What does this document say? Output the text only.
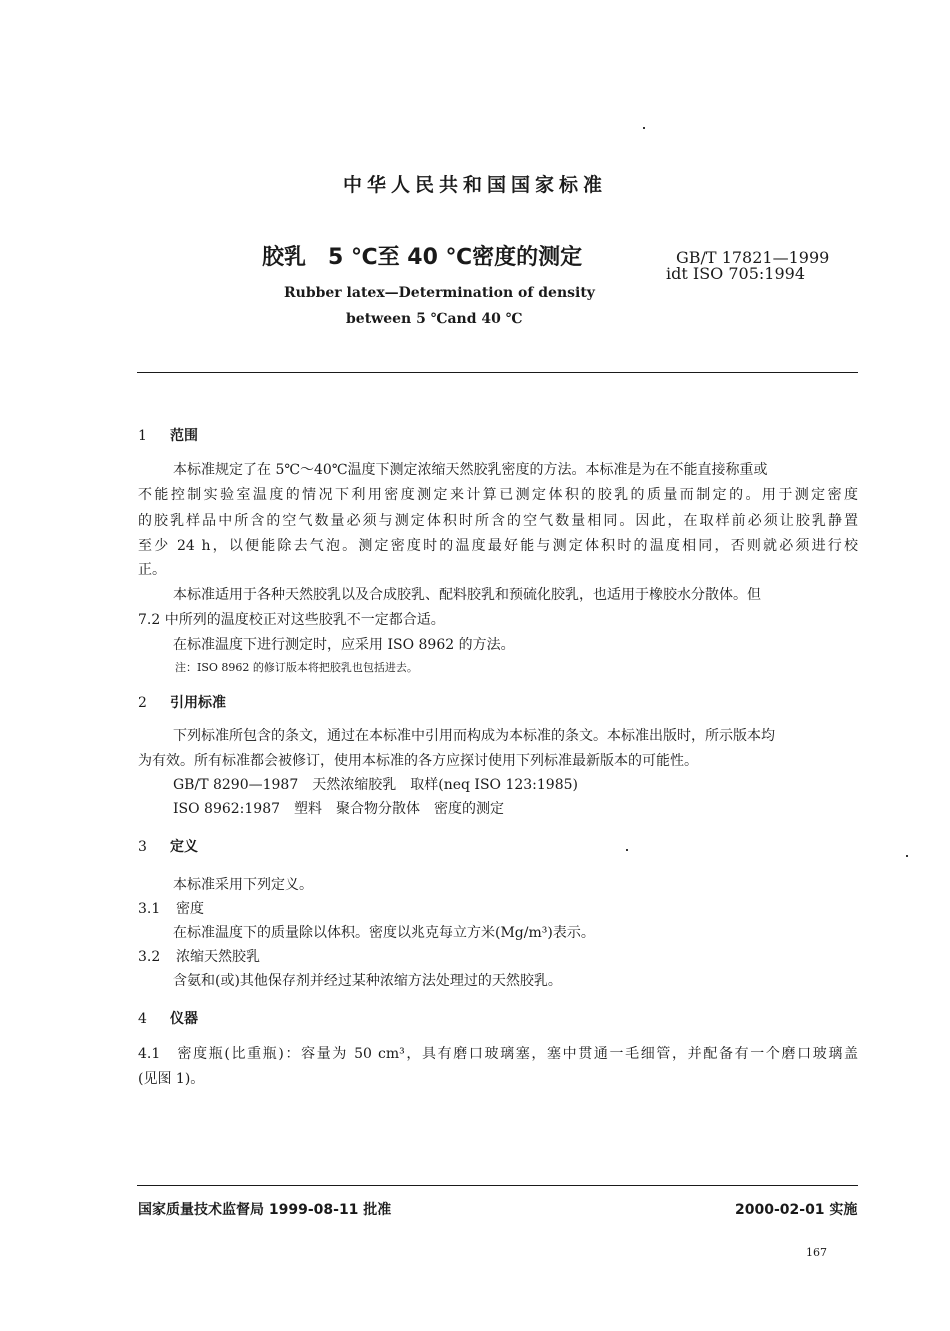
中华人民共和国国家标准
胶乳　5 ℃至 40 ℃密度的测定	GB/T 17821—1999
idt ISO 705:1994
Rubber latex—Determination of density
between 5 ℃and 40 ℃
1 范围
本标准规定了在 5℃～40℃温度下测定浓缩天然胶乳密度的方法。本标准是为在不能直接称重或
不能控制实验室温度的情况下利用密度测定来计算已测定体积的胶乳的质量而制定的。用于测定密度
的胶乳样品中所含的空气数量必须与测定体积时所含的空气数量相同。因此，在取样前必须让胶乳静置
至少 24 h，以便能除去气泡。测定密度时的温度最好能与测定体积时的温度相同，否则就必须进行校
正。
本标准适用于各种天然胶乳以及合成胶乳、配料胶乳和预硫化胶乳，也适用于橡胶水分散体。但
7.2 中所列的温度校正对这些胶乳不一定都合适。
在标准温度下进行测定时，应采用 ISO 8962 的方法。
注：ISO 8962 的修订版本将把胶乳也包括进去。
2 引用标准
下列标准所包含的条文，通过在本标准中引用而构成为本标准的条文。本标准出版时，所示版本均
为有效。所有标准都会被修订，使用本标准的各方应探讨使用下列标准最新版本的可能性。
GB/T 8290—1987　天然浓缩胶乳　取样(neq ISO 123:1985)
ISO 8962:1987　塑料　聚合物分散体　密度的测定
3 定义
本标准采用下列定义。
3.1 密度
在标准温度下的质量除以体积。密度以兆克每立方米(Mg/m³)表示。
3.2 浓缩天然胶乳
含氨和(或)其他保存剂并经过某种浓缩方法处理过的天然胶乳。
4 仪器
4.1　密度瓶(比重瓶)：容量为 50 cm³，具有磨口玻璃塞，塞中贯通一毛细管，并配备有一个磨口玻璃盖
(见图 1)。
国家质量技术监督局 1999-08-11 批准	2000-02-01 实施
167
